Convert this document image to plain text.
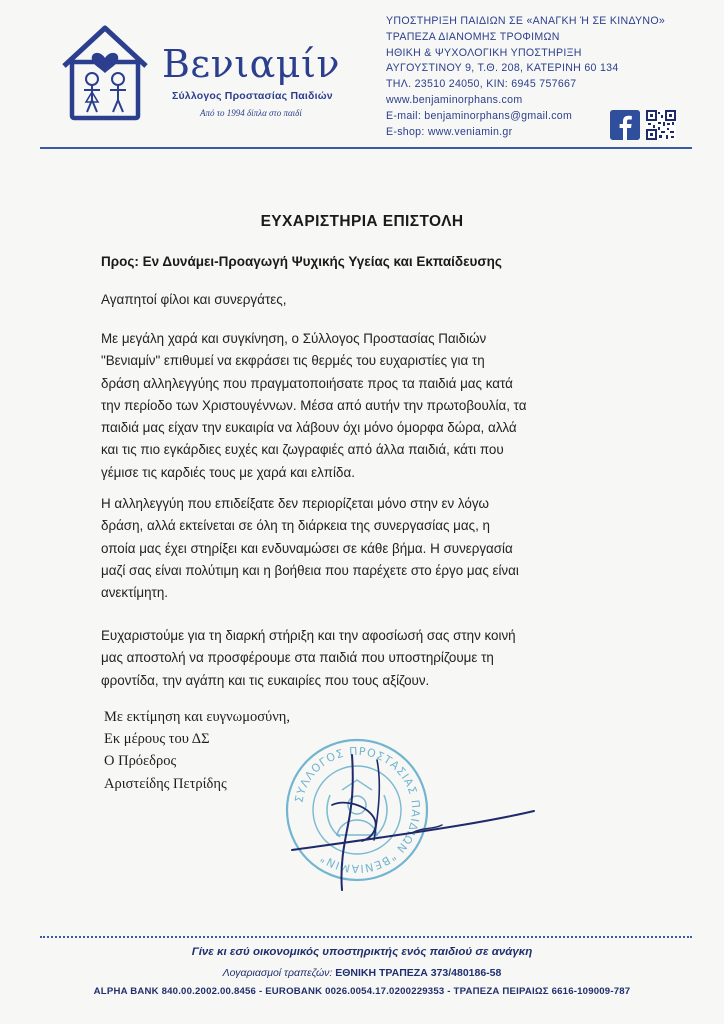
Βενιαμίν
Σύλλογος Προστασίας Παιδιών
Από το 1994 δίπλα στο παιδί
ΥΠΟΣΤΗΡΙΞΗ ΠΑΙΔΙΩΝ ΣΕ «ΑΝΑΓΚΗ Ή ΣΕ ΚΙΝΔΥΝΟ»
ΤΡΑΠΕΖΑ ΔΙΑΝΟΜΗΣ ΤΡΟΦΙΜΩΝ
ΗΘΙΚΗ & ΨΥΧΟΛΟΓΙΚΗ ΥΠΟΣΤΗΡΙΞΗ
ΑΥΓΟΥΣΤΙΝΟΥ 9, Τ.Θ. 208, ΚΑΤΕΡΙΝΗ 60 134
ΤΗΛ. 23510 24050, ΚΙΝ: 6945 757667
www.benjaminorphans.com
E-mail: benjaminorphans@gmail.com
E-shop: www.veniamin.gr
ΕΥΧΑΡΙΣΤΗΡΙΑ ΕΠΙΣΤΟΛΗ
Προς: Εν Δυνάμει-Προαγωγή Ψυχικής Υγείας και Εκπαίδευσης
Αγαπητοί φίλοι και συνεργάτες,

Με μεγάλη χαρά και συγκίνηση, ο Σύλλογος Προστασίας Παιδιών
"Βενιαμίν" επιθυμεί να εκφράσει τις θερμές του ευχαριστίες για τη
δράση αλληλεγγύης που πραγματοποιήσατε προς τα παιδιά μας κατά
την περίοδο των Χριστουγέννων. Μέσα από αυτήν την πρωτοβουλία, τα
παιδιά μας είχαν την ευκαιρία να λάβουν όχι μόνο όμορφα δώρα, αλλά
και τις πιο εγκάρδιες ευχές και ζωγραφιές από άλλα παιδιά, κάτι που
γέμισε τις καρδιές τους με χαρά και ελπίδα.

Η αλληλεγγύη που επιδείξατε δεν περιορίζεται μόνο στην εν λόγω
δράση, αλλά εκτείνεται σε όλη τη διάρκεια της συνεργασίας μας, η
οποία μας έχει στηρίξει και ενδυναμώσει σε κάθε βήμα. Η συνεργασία
μαζί σας είναι πολύτιμη και η βοήθεια που παρέχετε στο έργο μας είναι
ανεκτίμητη.

Ευχαριστούμε για τη διαρκή στήριξη και την αφοσίωσή σας στην κοινή
μας αποστολή να προσφέρουμε στα παιδιά που υποστηρίζουμε τη
φροντίδα, την αγάπη και τις ευκαιρίες που τους αξίζουν.

Με εκτίμηση και ευγνωμοσύνη,
Εκ μέρους του ΔΣ
Ο Πρόεδρος
Αριστείδης Πετρίδης
ΣΥΛΛΟΓΟΣ ΠΡΟΣΤΑΣΙΑΣ ΠΑΙΔΙΩΝ "ΒΕΝΙΑΜΙΝ"
Γίνε κι εσύ οικονομικός υποστηρικτής ενός παιδιού σε ανάγκη
Λογαριασμοί τραπεζών: ΕΘΝΙΚΗ ΤΡΑΠΕΖΑ 373/480186-58
ALPHA BANK 840.00.2002.00.8456 - EUROBANK 0026.0054.17.0200229353 - ΤΡΑΠΕΖΑ ΠΕΙΡΑΙΩΣ 6616-109009-787
